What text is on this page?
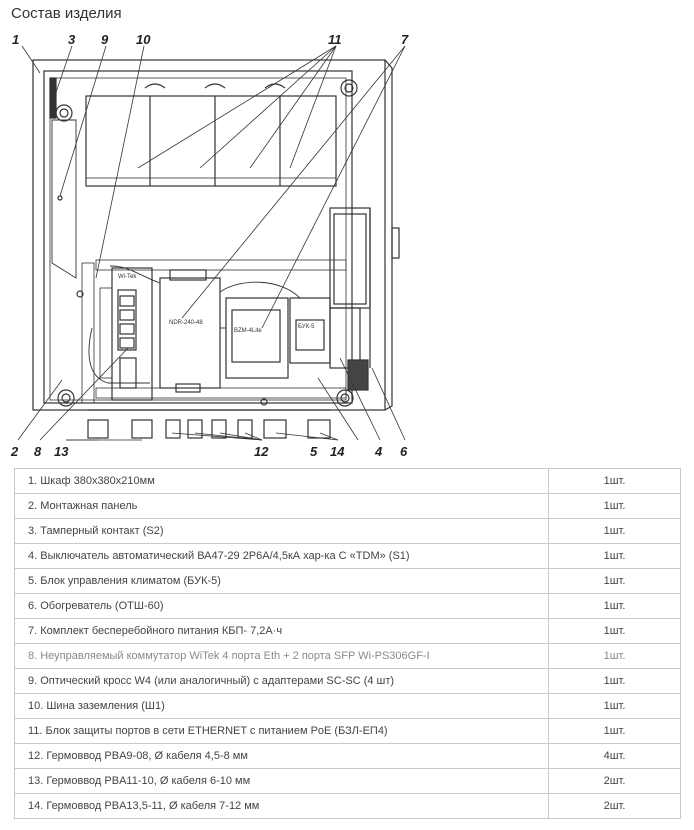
Состав изделия
Wi-Tek
NDR-240-48
BZM-4Lite
БУК-5
1	3 9 10	11	7
2 8 13	12	5 14 4 6
1. Шкаф 380х380х210мм	1шт.
2. Монтажная панель	1шт.
3. Тамперный контакт (S2)	1шт.
4. Выключатель автоматический ВА47-29 2Р6А/4,5кА хар-ка С «TDM» (S1)	1шт.
5. Блок управления климатом (БУК-5)	1шт.
6. Обогреватель (ОТШ-60)	1шт.
7. Комплект бесперебойного питания КБП- 7,2А·ч	1шт.
8. Неуправляемый коммутатор WiTek 4 порта Eth + 2 порта SFP Wi-PS306GF-I	1шт.
9. Оптический кросс W4 (или аналогичный) с адаптерами SC-SC (4 шт)	1шт.
10. Шина заземления (Ш1)	1шт.
11. Блок защиты портов в сети ETHERNET с питанием PoE (БЗЛ-ЕП4)	1шт.
12. Гермоввод PBA9-08, Ø кабеля 4,5-8 мм	4шт.
13. Гермоввод PBA11-10, Ø кабеля 6-10 мм	2шт.
14. Гермоввод PBA13,5-11, Ø кабеля 7-12 мм	2шт.
